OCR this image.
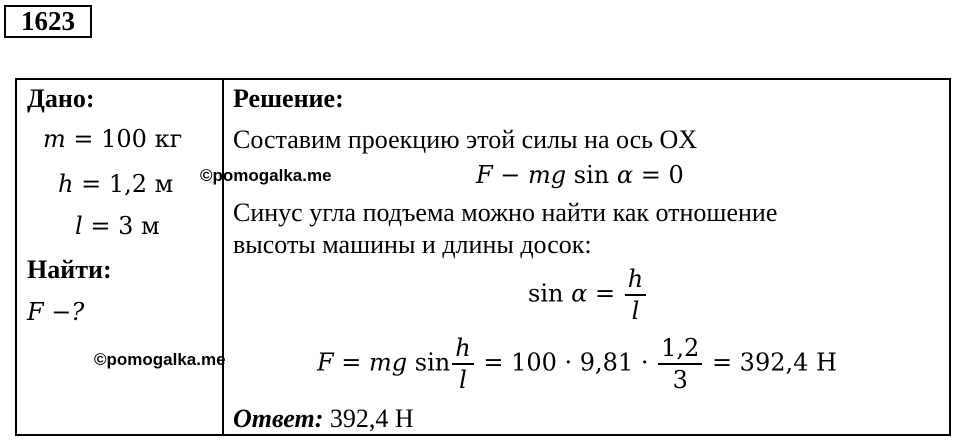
1623
Дано:
m = 100 кг
h = 1,2 м
l = 3 м
Найти:
F −?
Решение:
Составим проекцию этой силы на ось OX
F − mg sin α = 0
Синус угла подъема можно найти как отношение
высоты машины и длины досок:
$\sin \alpha = \frac{h}{l}$
F = mg $\sin \frac{h}{l} = 100 \cdot 9,81 \cdot \frac{1,2}{3} = 392,4$ Н
Ответ: 392,4 Н
©pomogalka.me
©pomogalka.me
